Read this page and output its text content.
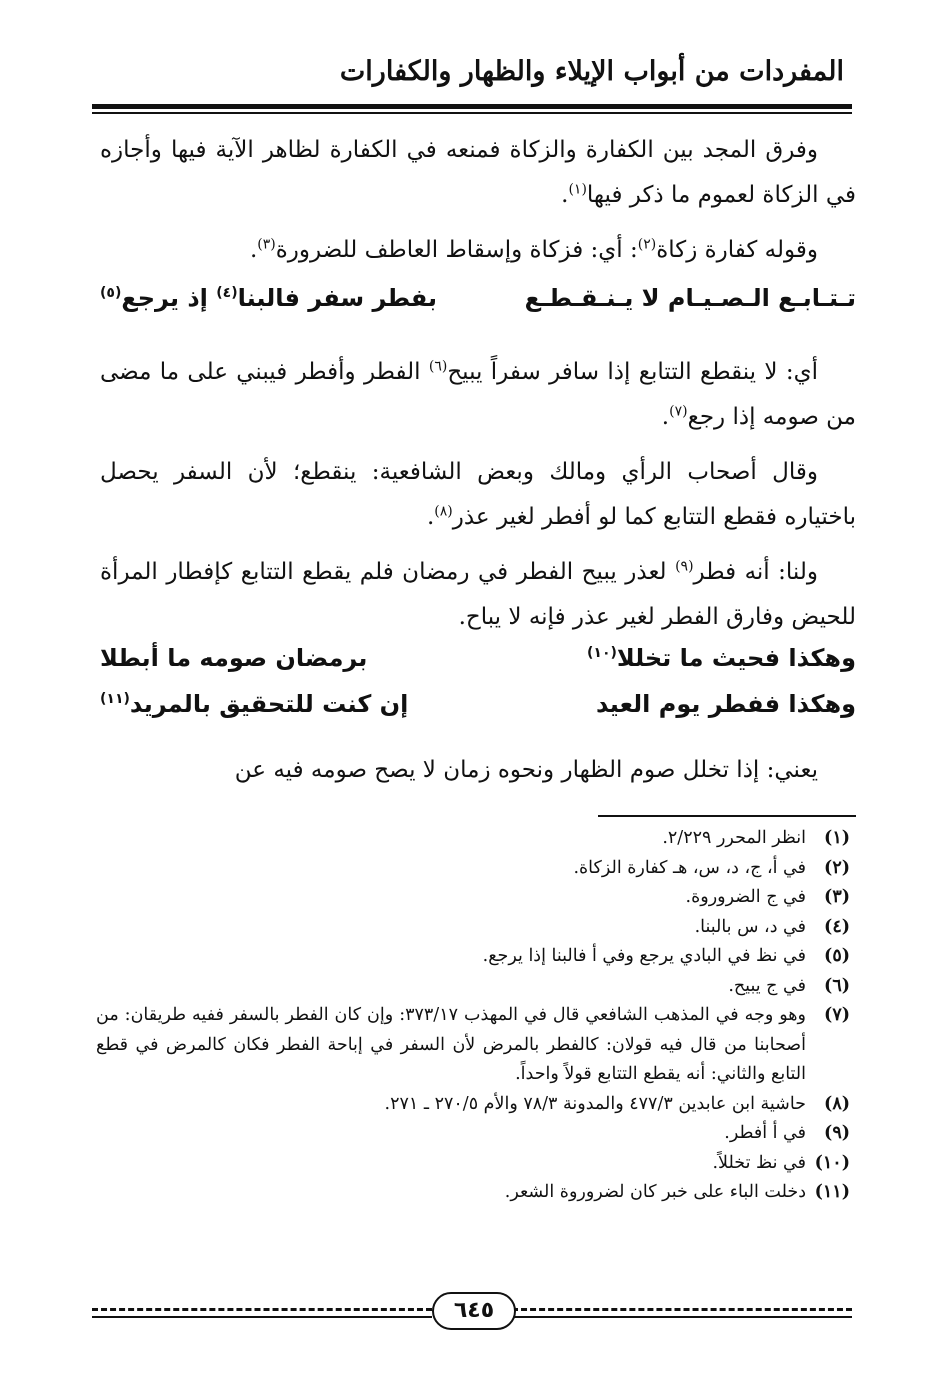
المفردات من أبواب الإيلاء والظهار والكفارات

وفرق المجد بين الكفارة والزكاة فمنعه في الكفارة لظاهر الآية فيها وأجازه في الزكاة لعموم ما ذكر فيها$^{(١)}$.

وقوله كفارة زكاة$^{(٢)}$: أي: فزكاة وإسقاط العاطف للضرورة$^{(٣)}$.

تـتـابـع الـصـيـام لا يـنـقـطـع
بفطر سفر فالبنا$^{(٤)}$ إذ يرجع$^{(٥)}$

أي: لا ينقطع التتابع إذا سافر سفراً يبيح$^{(٦)}$ الفطر وأفطر فيبني على ما مضى من صومه إذا رجع$^{(٧)}$.

وقال أصحاب الرأي ومالك وبعض الشافعية: ينقطع؛ لأن السفر يحصل باختياره فقطع التتابع كما لو أفطر لغير عذر$^{(٨)}$.

ولنا: أنه فطر$^{(٩)}$ لعذر يبيح الفطر في رمضان فلم يقطع التتابع كإفطار المرأة للحيض وفارق الفطر لغير عذر فإنه لا يباح.

وهكذا فحيث ما تخللا$^{(١٠)}$
برمضان صومه ما أبطلا
وهكذا ففطر يوم العيد
إن كنت للتحقيق بالمريد$^{(١١)}$

يعني: إذا تخلل صوم الظهار ونحوه زمان لا يصح صومه فيه عن

(١)
انظر المحرر ٢/٢٢٩.
(٢)
في أ، ج، د، س، هـ كفارة الزكاة.
(٣)
في ج الضروروة.
(٤)
في د، س بالبنا.
(٥)
في نظ في البادي يرجع وفي أ فالبنا إذا يرجع.
(٦)
في ج يبيح.
(٧)
وهو وجه في المذهب الشافعي قال في المهذب ٣٧٣/١٧: وإن كان الفطر بالسفر ففيه طريقان: من أصحابنا من قال فيه قولان: كالفطر بالمرض لأن السفر في إباحة الفطر فكان كالمرض في قطع التابع والثاني: أنه يقطع التتابع قولاً واحداً.
(٨)
حاشية ابن عابدين ٤٧٧/٣ والمدونة ٧٨/٣ والأم ٢٧٠/٥ ـ ٢٧١.
(٩)
في أ أفطر.
(١٠)
في نظ تخللاً.
(١١)
دخلت الباء على خبر كان لضروروة الشعر.
٦٤٥
